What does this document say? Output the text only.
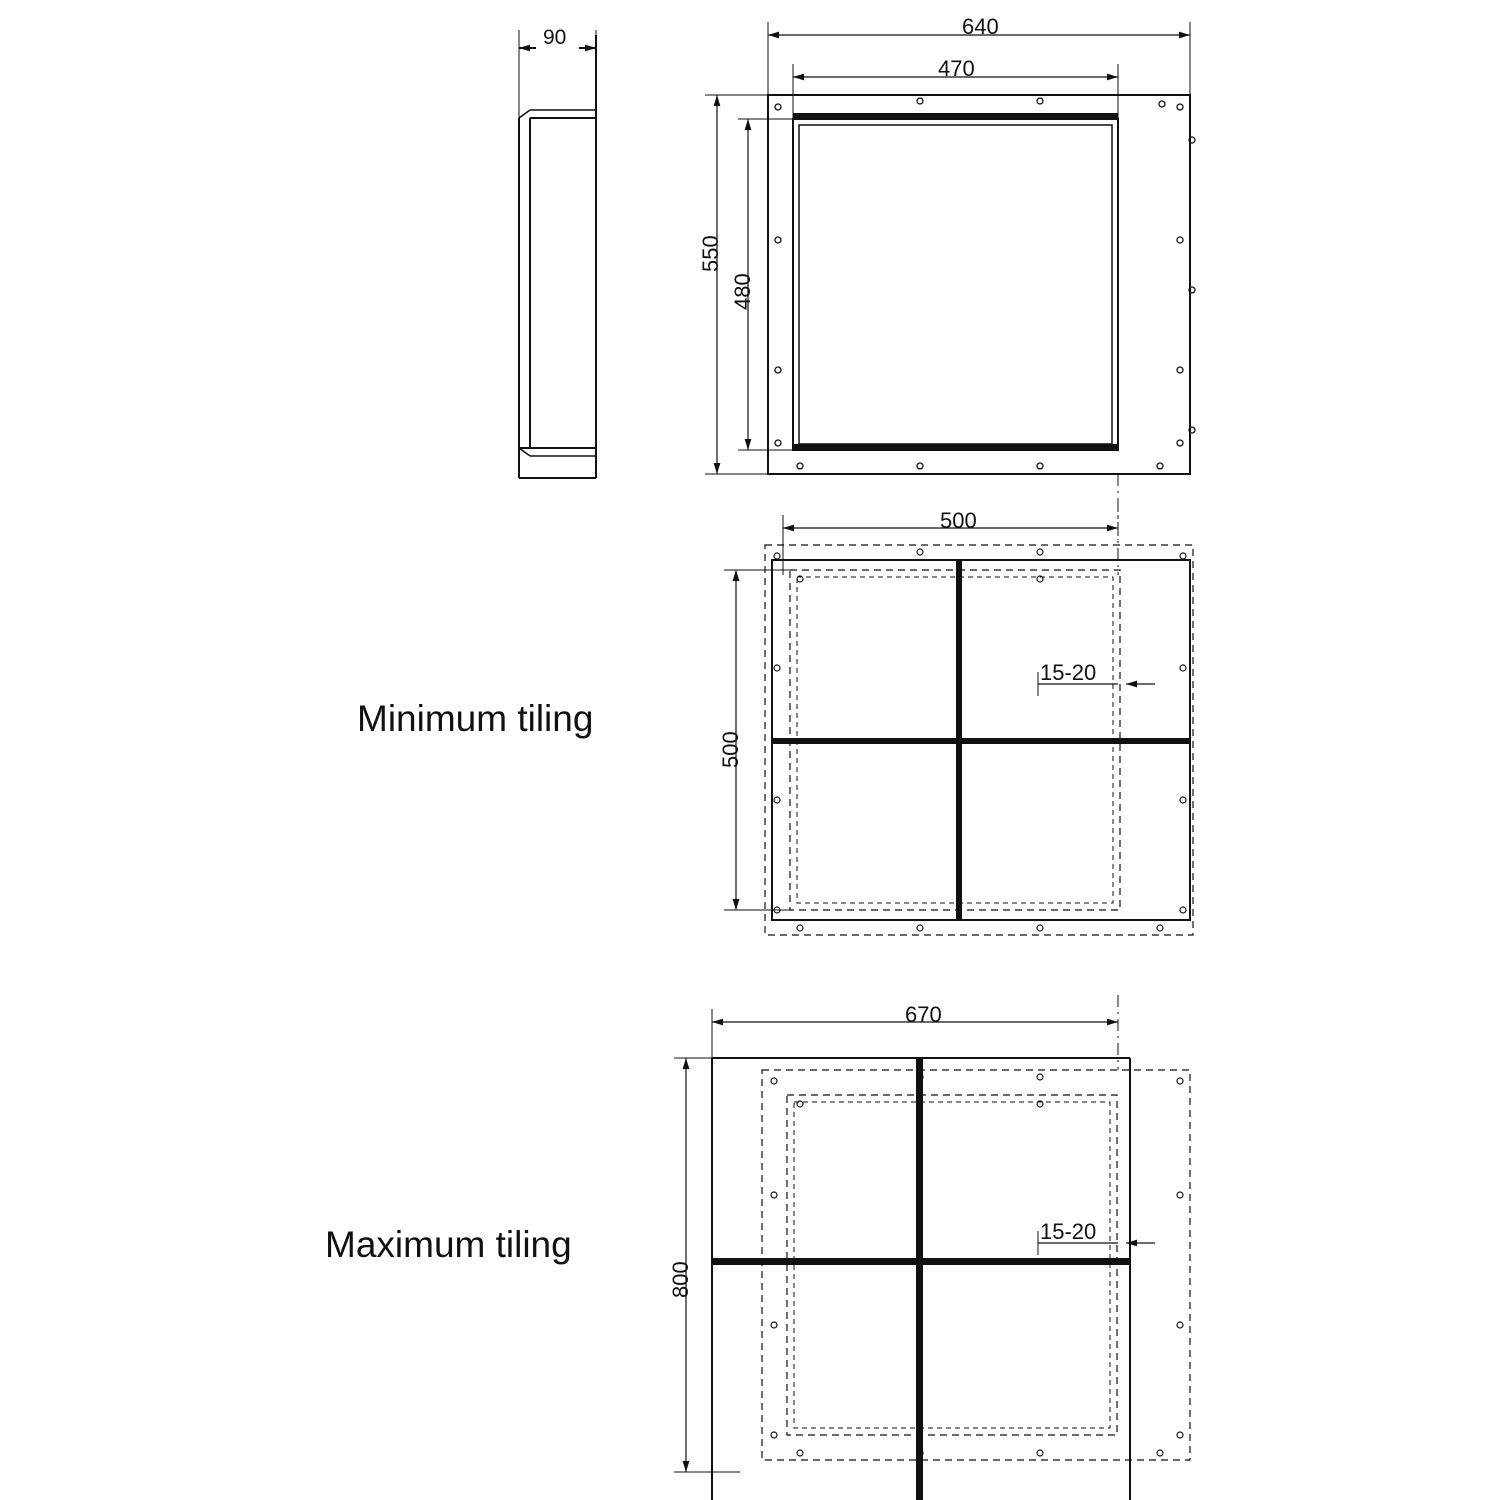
90	640
470
550
480
500
500
15-20
670
800
15-20
Minimum tiling
Maximum tiling
